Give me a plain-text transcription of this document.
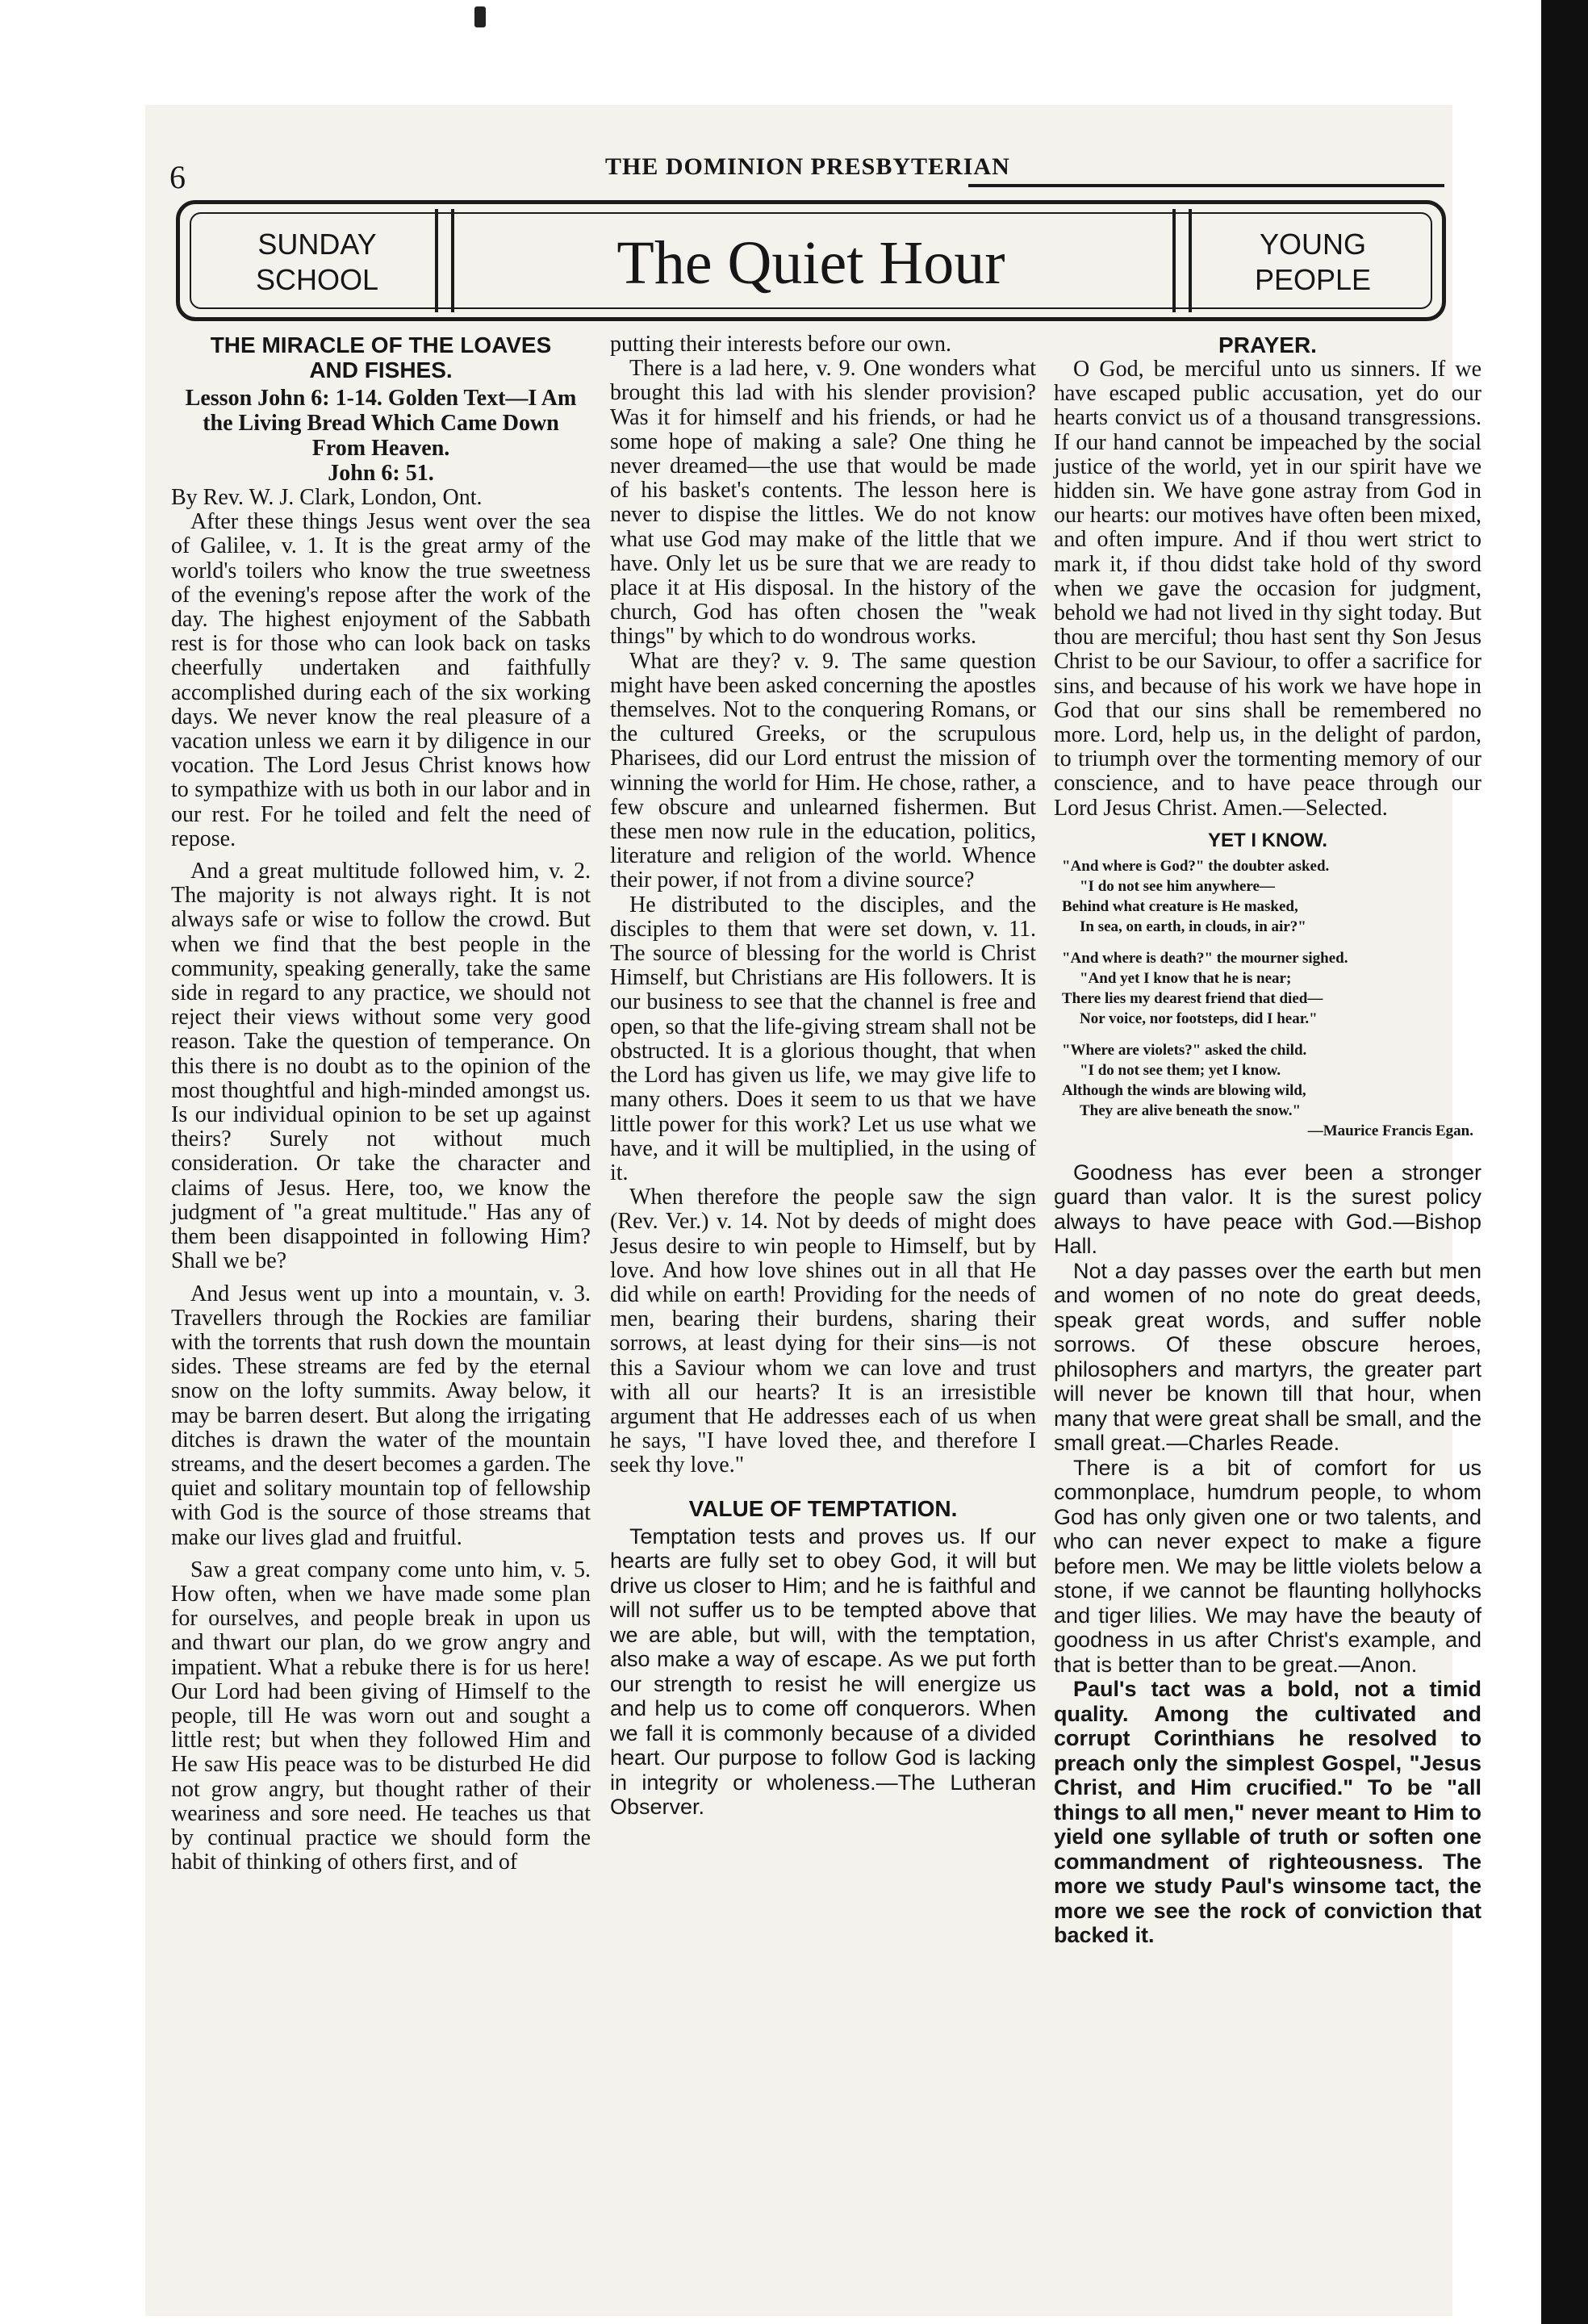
6	THE DOMINION PRESBYTERIAN
SUNDAY
SCHOOL	The Quiet Hour	YOUNG
PEOPLE
THE MIRACLE OF THE LOAVES AND FISHES.

Lesson John 6: 1-14. Golden Text—I Am the Living Bread Which Came Down From Heaven.

John 6: 51.

By Rev. W. J. Clark, London, Ont.

After these things Jesus went over the sea of Galilee, v. 1. It is the great army of the world's toilers who know the true sweetness of the evening's repose after the work of the day. The highest enjoyment of the Sabbath rest is for those who can look back on tasks cheerfully undertaken and faithfully accomplished during each of the six working days. We never know the real pleasure of a vacation unless we earn it by diligence in our vocation. The Lord Jesus Christ knows how to sympathize with us both in our labor and in our rest. For he toiled and felt the need of repose.

And a great multitude followed him, v. 2. The majority is not always right. It is not always safe or wise to follow the crowd. But when we find that the best people in the community, speaking generally, take the same side in regard to any practice, we should not reject their views without some very good reason. Take the question of temperance. On this there is no doubt as to the opinion of the most thoughtful and high-minded amongst us. Is our individual opinion to be set up against theirs? Surely not without much consideration. Or take the character and claims of Jesus. Here, too, we know the judgment of "a great multitude." Has any of them been disappointed in following Him? Shall we be?

And Jesus went up into a mountain, v. 3. Travellers through the Rockies are familiar with the torrents that rush down the mountain sides. These streams are fed by the eternal snow on the lofty summits. Away below, it may be barren desert. But along the irrigating ditches is drawn the water of the mountain streams, and the desert becomes a garden. The quiet and solitary mountain top of fellowship with God is the source of those streams that make our lives glad and fruitful.

Saw a great company come unto him, v. 5. How often, when we have made some plan for ourselves, and people break in upon us and thwart our plan, do we grow angry and impatient. What a rebuke there is for us here! Our Lord had been giving of Himself to the people, till He was worn out and sought a little rest; but when they followed Him and He saw His peace was to be disturbed He did not grow angry, but thought rather of their weariness and sore need. He teaches us that by continual practice we should form the habit of thinking of others first, and of

putting their interests before our own.

There is a lad here, v. 9. One wonders what brought this lad with his slender provision? Was it for himself and his friends, or had he some hope of making a sale? One thing he never dreamed—the use that would be made of his basket's contents. The lesson here is never to dispise the littles. We do not know what use God may make of the little that we have. Only let us be sure that we are ready to place it at His disposal. In the history of the church, God has often chosen the "weak things" by which to do wondrous works.

What are they? v. 9. The same question might have been asked concerning the apostles themselves. Not to the conquering Romans, or the cultured Greeks, or the scrupulous Pharisees, did our Lord entrust the mission of winning the world for Him. He chose, rather, a few obscure and unlearned fishermen. But these men now rule in the education, politics, literature and religion of the world. Whence their power, if not from a divine source?

He distributed to the disciples, and the disciples to them that were set down, v. 11. The source of blessing for the world is Christ Himself, but Christians are His followers. It is our business to see that the channel is free and open, so that the life-giving stream shall not be obstructed. It is a glorious thought, that when the Lord has given us life, we may give life to many others. Does it seem to us that we have little power for this work? Let us use what we have, and it will be multiplied, in the using of it.

When therefore the people saw the sign (Rev. Ver.) v. 14. Not by deeds of might does Jesus desire to win people to Himself, but by love. And how love shines out in all that He did while on earth! Providing for the needs of men, bearing their burdens, sharing their sorrows, at least dying for their sins—is not this a Saviour whom we can love and trust with all our hearts? It is an irresistible argument that He addresses each of us when he says, "I have loved thee, and therefore I seek thy love."

VALUE OF TEMPTATION.

Temptation tests and proves us. If our hearts are fully set to obey God, it will but drive us closer to Him; and he is faithful and will not suffer us to be tempted above that we are able, but will, with the temptation, also make a way of escape. As we put forth our strength to resist he will energize us and help us to come off conquerors. When we fall it is commonly because of a divided heart. Our purpose to follow God is lacking in integrity or wholeness.—The Lutheran Observer.

PRAYER.

O God, be merciful unto us sinners. If we have escaped public accusation, yet do our hearts convict us of a thousand transgressions. If our hand cannot be impeached by the social justice of the world, yet in our spirit have we hidden sin. We have gone astray from God in our hearts: our motives have often been mixed, and often impure. And if thou wert strict to mark it, if thou didst take hold of thy sword when we gave the occasion for judgment, behold we had not lived in thy sight today. But thou are merciful; thou hast sent thy Son Jesus Christ to be our Saviour, to offer a sacrifice for sins, and because of his work we have hope in God that our sins shall be remembered no more. Lord, help us, in the delight of pardon, to triumph over the tormenting memory of our conscience, and to have peace through our Lord Jesus Christ. Amen.—Selected.

YET I KNOW.
"And where is God?" the doubter asked.
"I do not see him anywhere—
Behind what creature is He masked,
In sea, on earth, in clouds, in air?"
"And where is death?" the mourner sighed.
"And yet I know that he is near;
There lies my dearest friend that died—
Nor voice, nor footsteps, did I hear."
"Where are violets?" asked the child.
"I do not see them; yet I know.
Although the winds are blowing wild,
They are alive beneath the snow."
—Maurice Francis Egan.

Goodness has ever been a stronger guard than valor. It is the surest policy always to have peace with God.—Bishop Hall.

Not a day passes over the earth but men and women of no note do great deeds, speak great words, and suffer noble sorrows. Of these obscure heroes, philosophers and martyrs, the greater part will never be known till that hour, when many that were great shall be small, and the small great.—Charles Reade.

There is a bit of comfort for us commonplace, humdrum people, to whom God has only given one or two talents, and who can never expect to make a figure before men. We may be little violets below a stone, if we cannot be flaunting hollyhocks and tiger lilies. We may have the beauty of goodness in us after Christ's example, and that is better than to be great.—Anon.

Paul's tact was a bold, not a timid quality. Among the cultivated and corrupt Corinthians he resolved to preach only the simplest Gospel, "Jesus Christ, and Him crucified." To be "all things to all men," never meant to Him to yield one syllable of truth or soften one commandment of righteousness. The more we study Paul's winsome tact, the more we see the rock of conviction that backed it.
